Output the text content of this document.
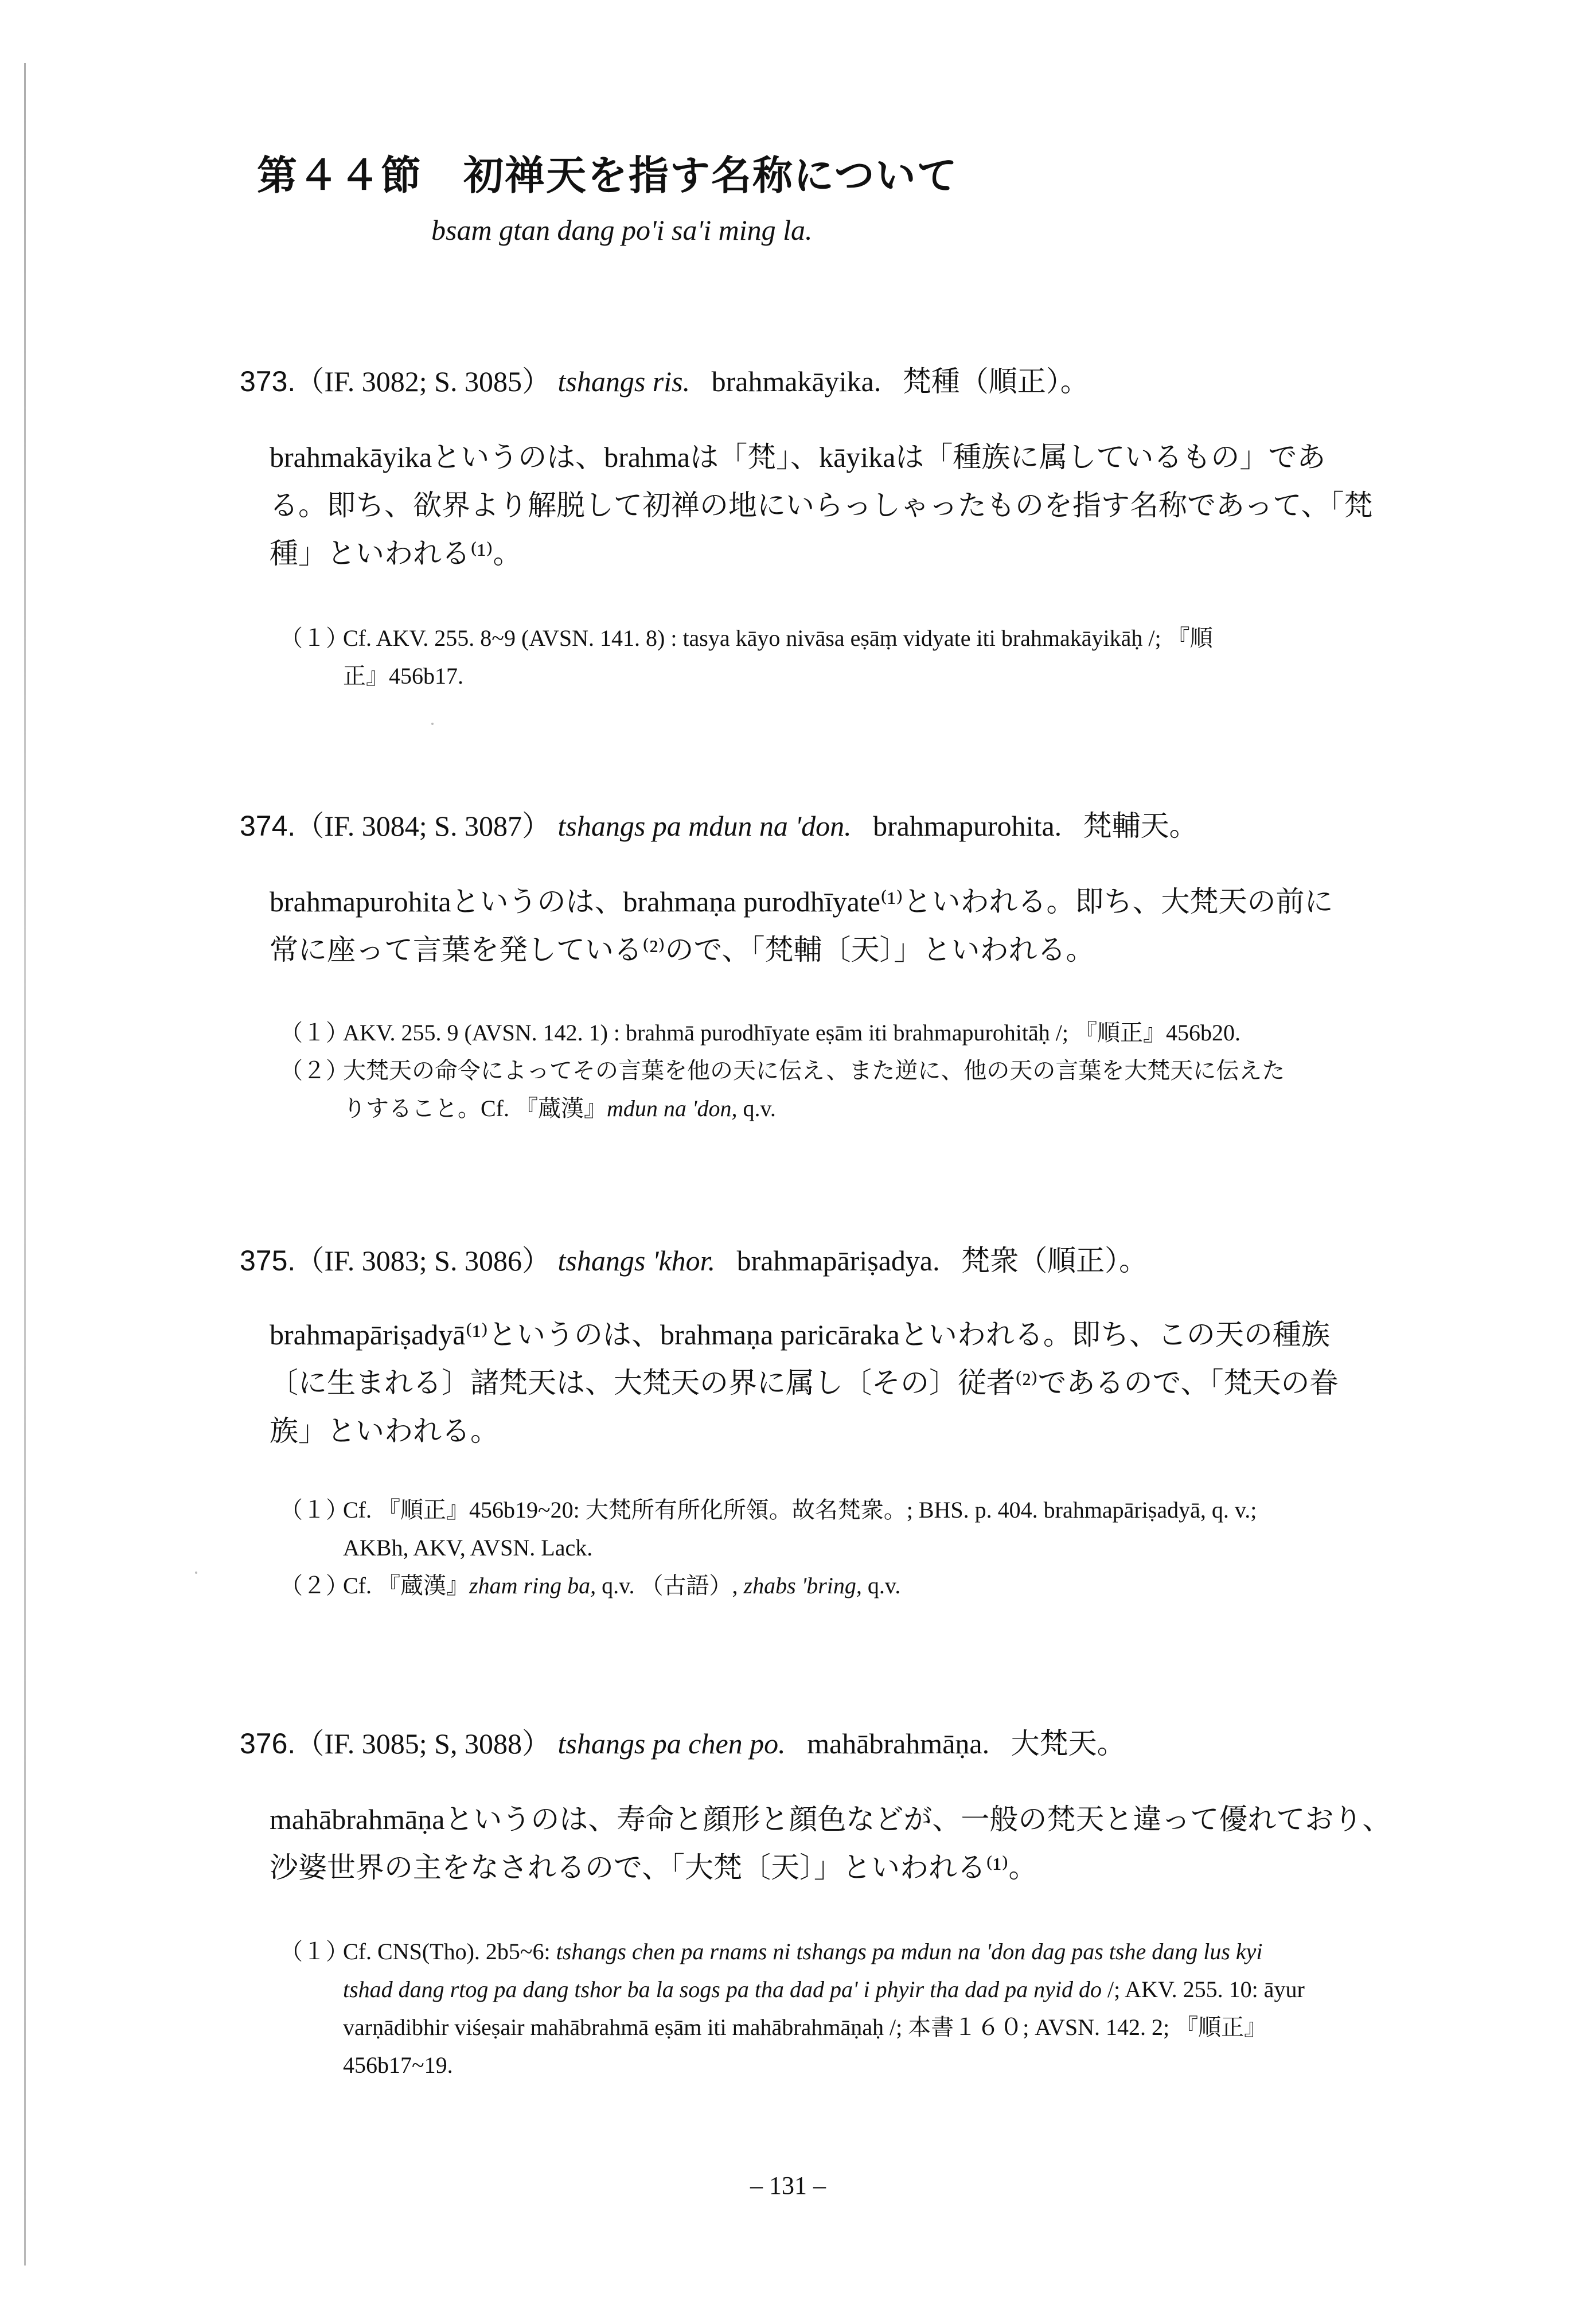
第４４節　初禅天を指す名称について
bsam gtan dang po'i sa'i ming la.
373.（IF. 3082; S. 3085） tshangs ris. brahmakāyika. 梵種（順正）。
brahmakāyikaというのは、brahmaは「梵」、kāyikaは「種族に属しているもの」であ
る。即ち、欲界より解脱して初禅の地にいらっしゃったものを指す名称であって、「梵
種」といわれる⁽¹⁾。
（１）Cf. AKV. 255. 8~9 (AVSN. 141. 8) : tasya kāyo nivāsa eṣāṃ vidyate iti brahmakāyikāḥ /; 『順
正』456b17.
374.（IF. 3084; S. 3087） tshangs pa mdun na 'don. brahmapurohita. 梵輔天。
brahmapurohitaというのは、brahmaṇa purodhīyate⁽¹⁾といわれる。即ち、大梵天の前に
常に座って言葉を発している⁽²⁾ので、「梵輔〔天〕」といわれる。
（１）AKV. 255. 9 (AVSN. 142. 1) : brahmā purodhīyate eṣām iti brahmapurohitāḥ /; 『順正』456b20.
（２）大梵天の命令によってその言葉を他の天に伝え、また逆に、他の天の言葉を大梵天に伝えた
りすること。Cf. 『蔵漢』mdun na 'don, q.v.
375.（IF. 3083; S. 3086） tshangs 'khor. brahmapāriṣadya. 梵衆（順正）。
brahmapāriṣadyā⁽¹⁾というのは、brahmaṇa paricārakaといわれる。即ち、この天の種族
〔に生まれる〕諸梵天は、大梵天の界に属し〔その〕従者⁽²⁾であるので、「梵天の眷
族」といわれる。
（１）Cf. 『順正』456b19~20: 大梵所有所化所領。故名梵衆。; BHS. p. 404. brahmapāriṣadyā, q. v.;
AKBh, AKV, AVSN. Lack.
（２）Cf. 『蔵漢』zham ring ba, q.v. （古語）, zhabs 'bring, q.v.
376.（IF. 3085; S, 3088） tshangs pa chen po. mahābrahmāṇa. 大梵天。
mahābrahmāṇaというのは、寿命と顔形と顔色などが、一般の梵天と違って優れており、
沙婆世界の主をなされるので、「大梵〔天〕」といわれる⁽¹⁾。
（１）Cf. CNS(Tho). 2b5~6: tshangs chen pa rnams ni tshangs pa mdun na 'don dag pas tshe dang lus kyi
tshad dang rtog pa dang tshor ba la sogs pa tha dad pa' i phyir tha dad pa nyid do /; AKV. 255. 10: āyur
varṇādibhir viśeṣair mahābrahmā eṣām iti mahābrahmāṇaḥ /; 本書１６０; AVSN. 142. 2; 『順正』
456b17~19.
– 131 –
